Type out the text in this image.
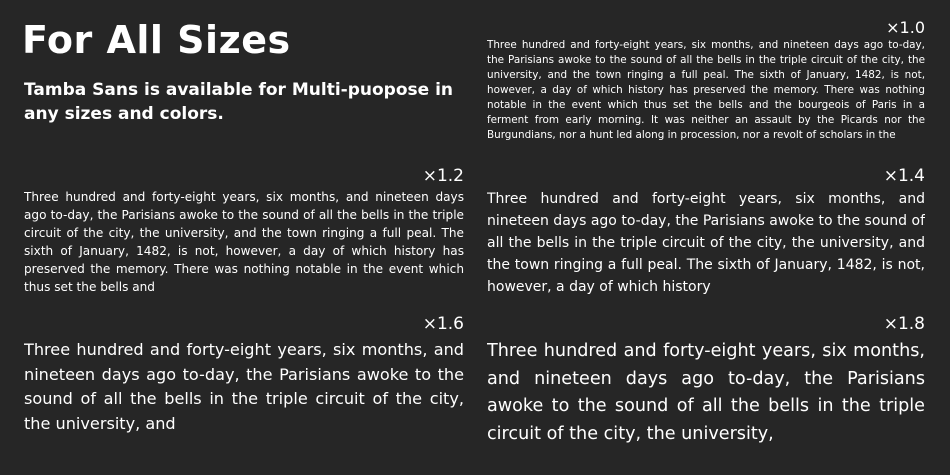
For All Sizes

Tamba Sans is available for Multi-puopose in any sizes and colors.

×1.0

Three hundred and forty-eight years, six months, and nineteen days ago to-day, the Parisians awoke to the sound of all the bells in the triple circuit of the city, the university, and the town ringing a full peal. The sixth of January, 1482, is not, however, a day of which history has preserved the memory. There was nothing notable in the event which thus set the bells and the bourgeois of Paris in a ferment from early morning. It was neither an assault by the Picards nor the Burgundians, nor a hunt led along in procession, nor a revolt of scholars in the

×1.2

Three hundred and forty-eight years, six months, and nineteen days ago to-day, the Parisians awoke to the sound of all the bells in the triple circuit of the city, the university, and the town ringing a full peal. The sixth of January, 1482, is not, however, a day of which history has preserved the memory. There was nothing notable in the event which thus set the bells and

×1.4

Three hundred and forty-eight years, six months, and nineteen days ago to-day, the Parisians awoke to the sound of all the bells in the triple circuit of the city, the university, and the town ringing a full peal. The sixth of January, 1482, is not, however, a day of which history

×1.6

Three hundred and forty-eight years, six months, and nineteen days ago to-day, the Parisians awoke to the sound of all the bells in the triple circuit of the city, the university, and

×1.8

Three hundred and forty-eight years, six months, and nineteen days ago to-day, the Parisians awoke to the sound of all the bells in the triple circuit of the city, the university,
